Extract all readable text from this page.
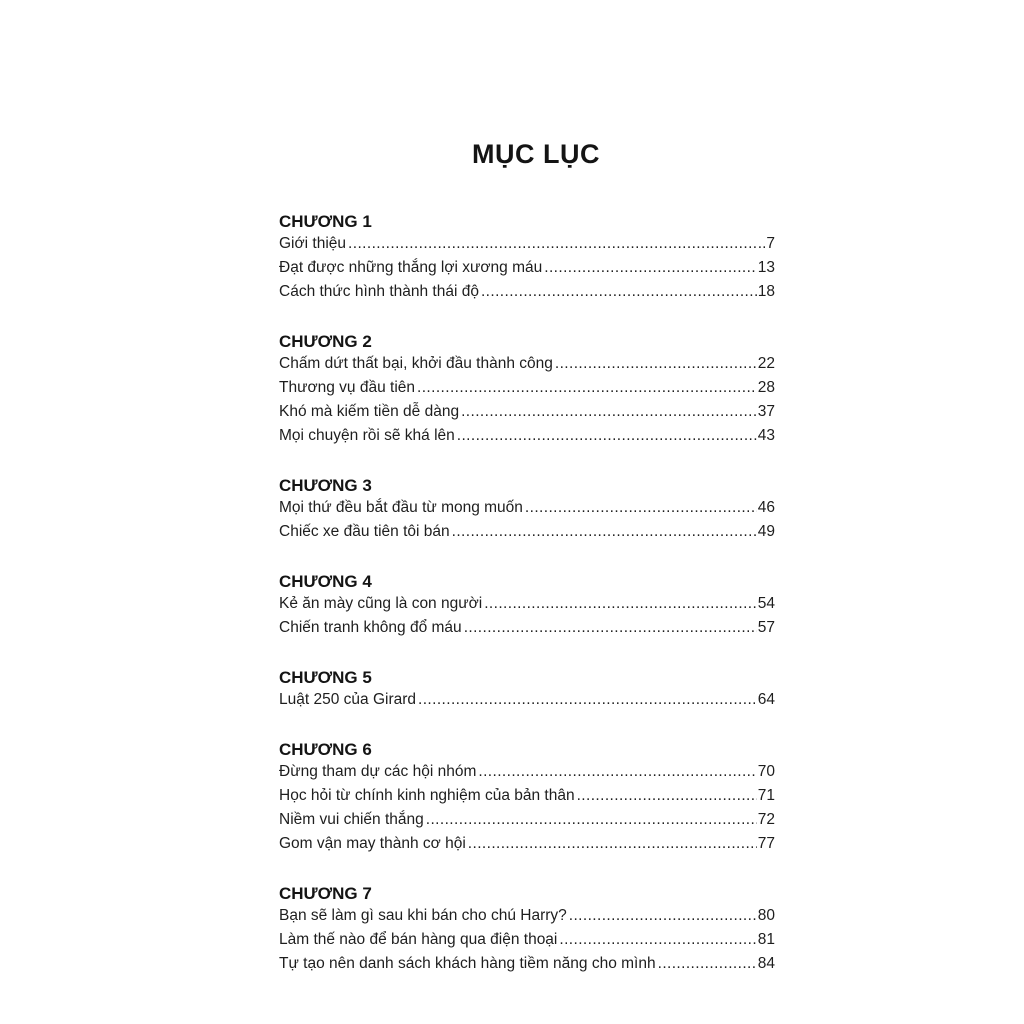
MỤC LỤC
CHƯƠNG 1
Giới thiệu .....	..7
Đạt được những thắng lợi xương máu .....	13
Cách thức hình thành thái độ .....	18
CHƯƠNG 2
Chấm dứt thất bại, khởi đầu thành công .....	22
Thương vụ đầu tiên .....	28
Khó mà kiếm tiền dễ dàng .....	37
Mọi chuyện rồi sẽ khá lên .....	43
CHƯƠNG 3
Mọi thứ đều bắt đầu từ mong muốn .....	46
Chiếc xe đầu tiên tôi bán .....	49
CHƯƠNG 4
Kẻ ăn mày cũng là con người .....	54
Chiến tranh không đổ máu .....	57
CHƯƠNG 5
Luật 250 của Girard .....	64
CHƯƠNG 6
Đừng tham dự các hội nhóm .....	70
Học hỏi từ chính kinh nghiệm của bản thân .....	71
Niềm vui chiến thắng .....	72
Gom vận may thành cơ hội .....	77
CHƯƠNG 7
Bạn sẽ làm gì sau khi bán cho chú Harry? .....	80
Làm thế nào để bán hàng qua điện thoại .....	81
Tự tạo nên danh sách khách hàng tiềm năng cho mình .....	84
